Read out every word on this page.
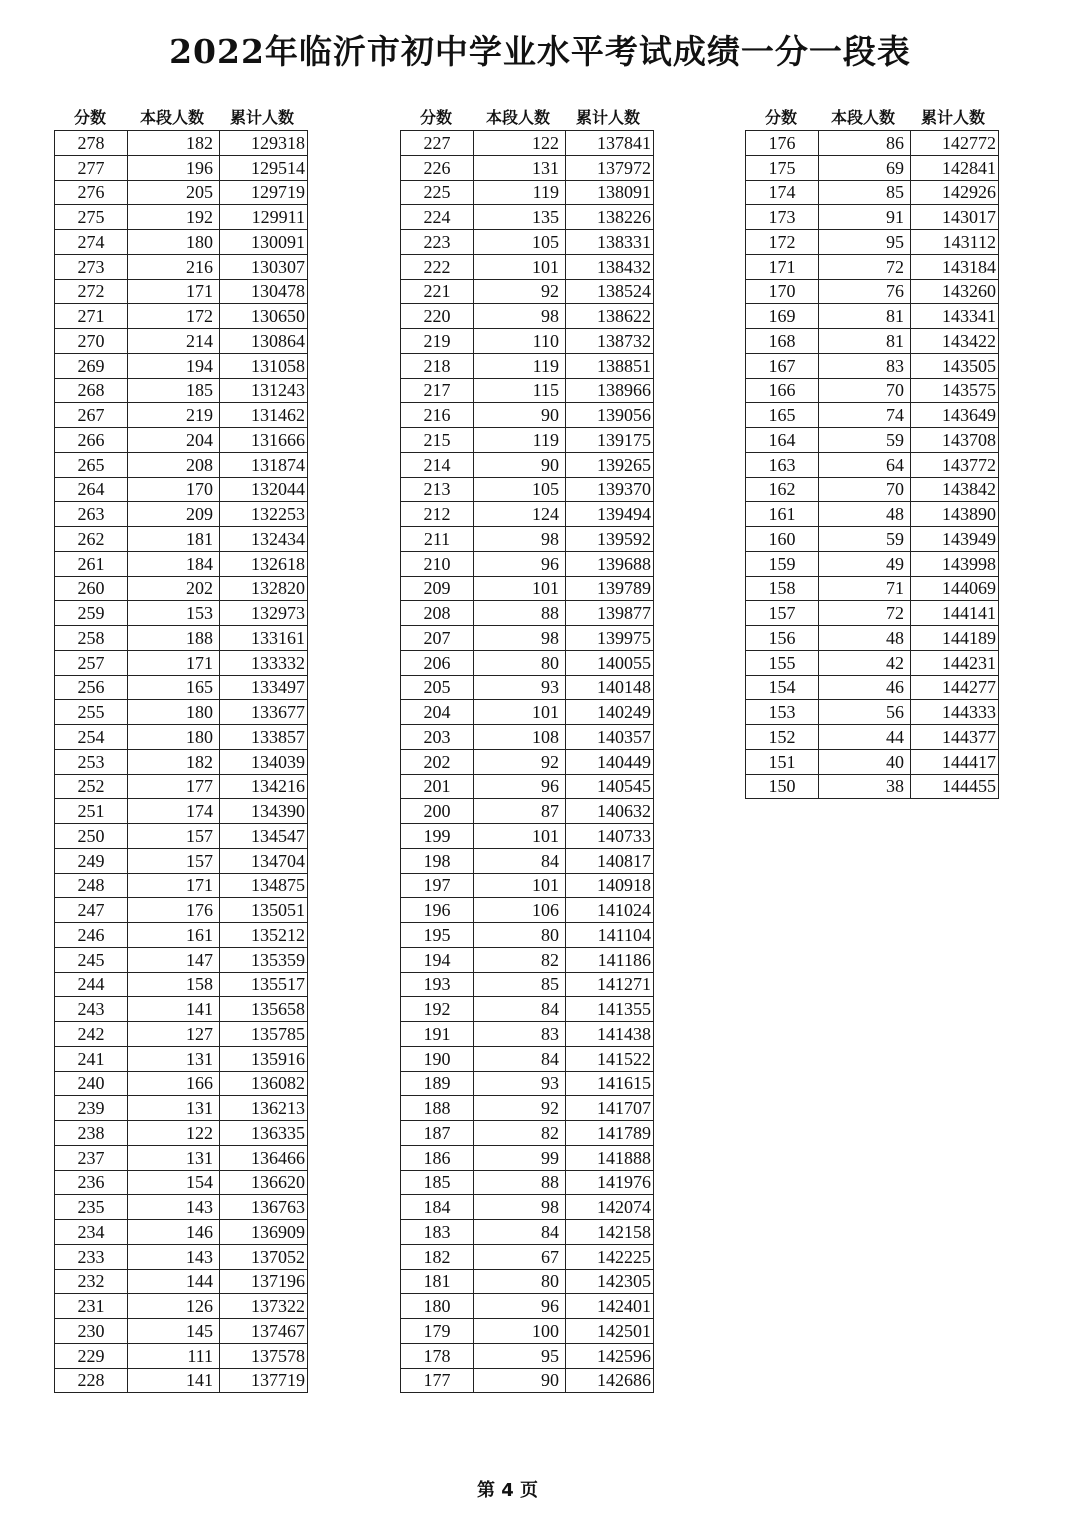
2022年临沂市初中学业水平考试成绩一分一段表
分数	本段人数	累计人数
278	182	129318
277	196	129514
276	205	129719
275	192	129911
274	180	130091
273	216	130307
272	171	130478
271	172	130650
270	214	130864
269	194	131058
268	185	131243
267	219	131462
266	204	131666
265	208	131874
264	170	132044
263	209	132253
262	181	132434
261	184	132618
260	202	132820
259	153	132973
258	188	133161
257	171	133332
256	165	133497
255	180	133677
254	180	133857
253	182	134039
252	177	134216
251	174	134390
250	157	134547
249	157	134704
248	171	134875
247	176	135051
246	161	135212
245	147	135359
244	158	135517
243	141	135658
242	127	135785
241	131	135916
240	166	136082
239	131	136213
238	122	136335
237	131	136466
236	154	136620
235	143	136763
234	146	136909
233	143	137052
232	144	137196
231	126	137322
230	145	137467
229	111	137578
228	141	137719
分数	本段人数	累计人数
227	122	137841
226	131	137972
225	119	138091
224	135	138226
223	105	138331
222	101	138432
221	92	138524
220	98	138622
219	110	138732
218	119	138851
217	115	138966
216	90	139056
215	119	139175
214	90	139265
213	105	139370
212	124	139494
211	98	139592
210	96	139688
209	101	139789
208	88	139877
207	98	139975
206	80	140055
205	93	140148
204	101	140249
203	108	140357
202	92	140449
201	96	140545
200	87	140632
199	101	140733
198	84	140817
197	101	140918
196	106	141024
195	80	141104
194	82	141186
193	85	141271
192	84	141355
191	83	141438
190	84	141522
189	93	141615
188	92	141707
187	82	141789
186	99	141888
185	88	141976
184	98	142074
183	84	142158
182	67	142225
181	80	142305
180	96	142401
179	100	142501
178	95	142596
177	90	142686
分数	本段人数	累计人数
176	86	142772
175	69	142841
174	85	142926
173	91	143017
172	95	143112
171	72	143184
170	76	143260
169	81	143341
168	81	143422
167	83	143505
166	70	143575
165	74	143649
164	59	143708
163	64	143772
162	70	143842
161	48	143890
160	59	143949
159	49	143998
158	71	144069
157	72	144141
156	48	144189
155	42	144231
154	46	144277
153	56	144333
152	44	144377
151	40	144417
150	38	144455
第 4 页
